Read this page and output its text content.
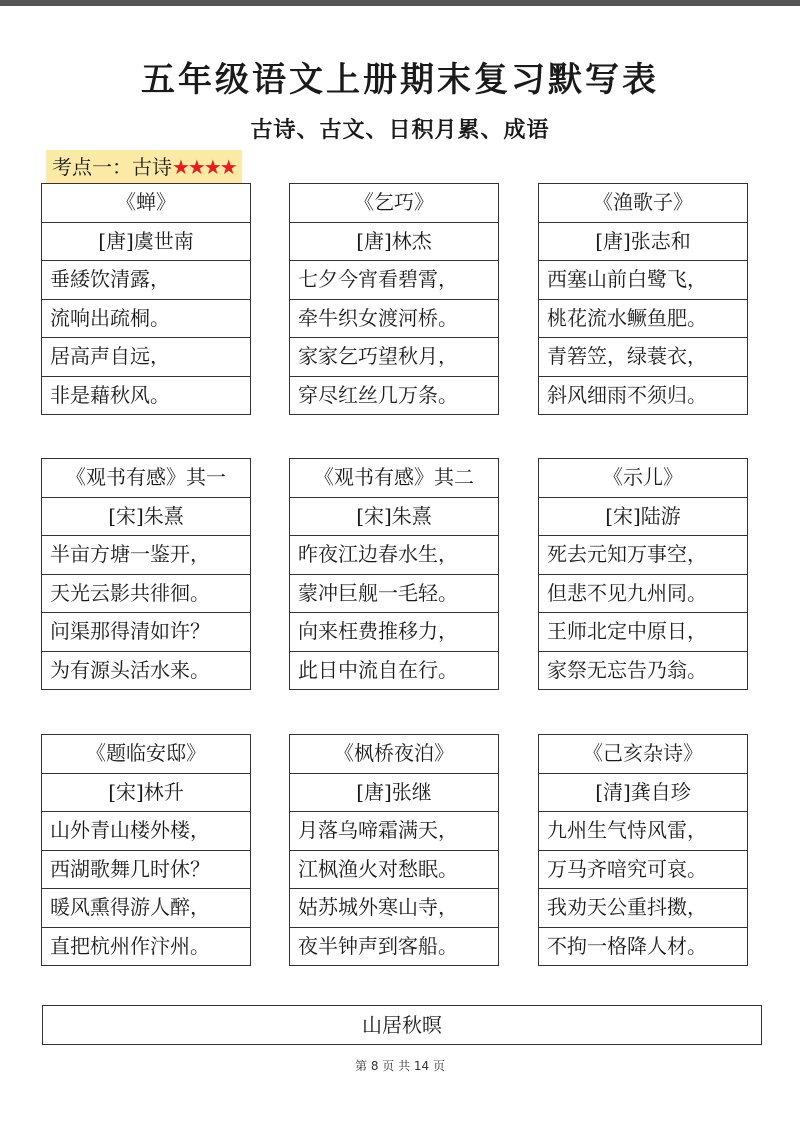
五年级语文上册期末复习默写表
古诗、古文、日积月累、成语
考点一：古诗★★★★
《蝉》
[唐]虞世南
垂緌饮清露，
流响出疏桐。
居高声自远，
非是藉秋风。
《乞巧》
[唐]林杰
七夕今宵看碧霄，
牵牛织女渡河桥。
家家乞巧望秋月，
穿尽红丝几万条。
《渔歌子》
[唐]张志和
西塞山前白鹭飞，
桃花流水鳜鱼肥。
青箬笠，绿蓑衣，
斜风细雨不须归。
《观书有感》其一
[宋]朱熹
半亩方塘一鉴开，
天光云影共徘徊。
问渠那得清如许？
为有源头活水来。
《观书有感》其二
[宋]朱熹
昨夜江边春水生，
蒙冲巨舰一毛轻。
向来枉费推移力，
此日中流自在行。
《示儿》
[宋]陆游
死去元知万事空，
但悲不见九州同。
王师北定中原日，
家祭无忘告乃翁。
《题临安邸》
[宋]林升
山外青山楼外楼，
西湖歌舞几时休？
暖风熏得游人醉，
直把杭州作汴州。
《枫桥夜泊》
[唐]张继
月落乌啼霜满天，
江枫渔火对愁眠。
姑苏城外寒山寺，
夜半钟声到客船。
《己亥杂诗》
[清]龚自珍
九州生气恃风雷，
万马齐喑究可哀。
我劝天公重抖擞，
不拘一格降人材。
山居秋暝
第 8 页 共 14 页
